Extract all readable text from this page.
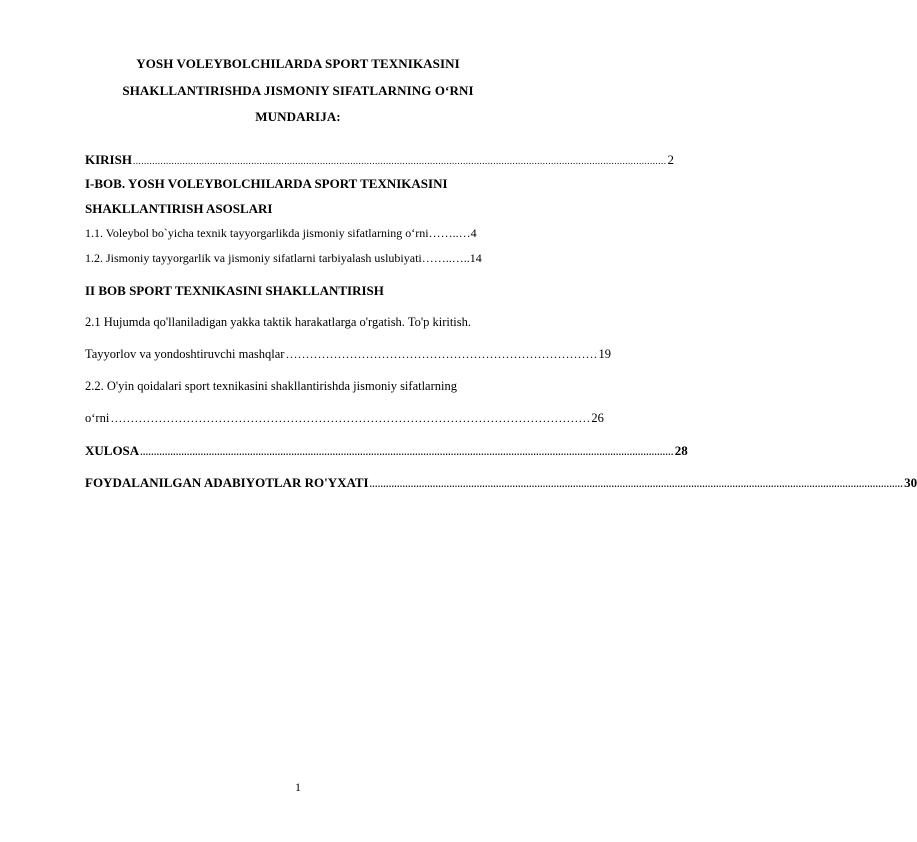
YOSH VOLEYBOLCHILARDA SPORT TEXNIKASINI
SHAKLLANTIRISHDA JISMONIY SIFATLARNING O‘RNI
MUNDARIJA:
KIRISH .................................................................................................................................................................................................. 2
I-BOB. YOSH VOLEYBOLCHILARDA SPORT TEXNIKASINI
SHAKLLANTIRISH ASOSLARI
1.1. Voleybol bo`yicha texnik tayyorgarlikda jismoniy sifatlarning o‘rni ……..… 4
1.2. Jismoniy tayyorgarlik va jismoniy sifatlarni tarbiyalash uslubiyati ……..….. 14
II BOB SPORT TEXNIKASINI SHAKLLANTIRISH
2.1 Hujumda qo'llaniladigan yakka taktik harakatlarga o'rgatish. To'p kiritish.
Tayyorlov va yondoshtiruvchi mashqlar …………………………………………………………………… 19
2.2. O'yin qoidalari sport texnikasini shakllantirishda jismoniy sifatlarning
o‘rni ………………………………………………………………………………………………………… 26
XULOSA .................................................................................................................................................................................................. 28
FOYDALANILGAN ADABIYOTLAR RO'YXATI .................................................................................................................................................................................................. 30
1
